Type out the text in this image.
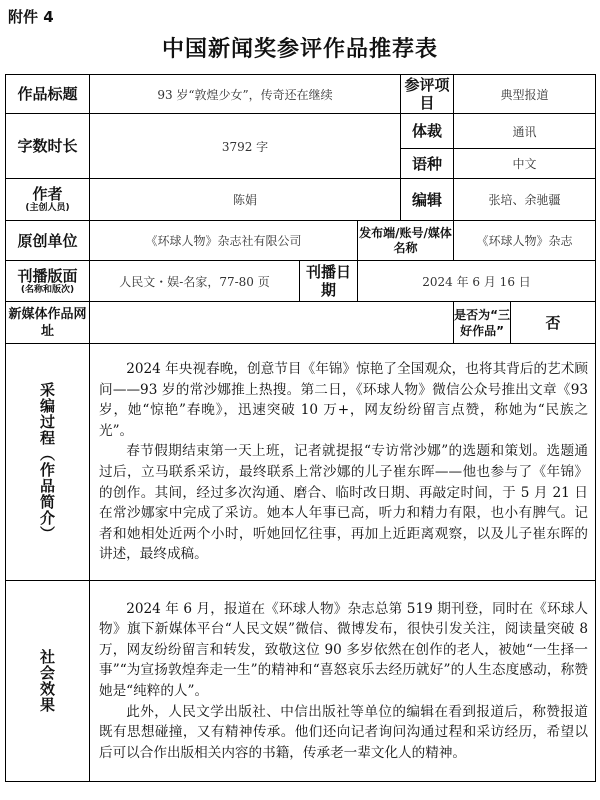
附件 4
中国新闻奖参评作品推荐表
作品标题	93 岁“敦煌少女”，传奇还在继续			参评项目	典型报道	
字数时长	3792 字			体裁	通讯	
				语种	中文	
作者
(主创人员)	陈娟			编辑	张培、余驰疆	
原创单位	《环球人物》杂志社有限公司		发布端/账号/媒体名称		《环球人物》杂志	
刊播版面
(名称和版次)	人民文・娱-名家，77-80 页	刊播日期	2024 年 6 月 16 日			
新媒体作品网址					是否为“三好作品”	否

采编过程（作品简介）	2024 年央视春晚，创意节目《年锦》惊艳了全国观众，也将其背后的艺术顾问——93 岁的常沙娜推上热搜。第二日，《环球人物》微信公众号推出文章《93 岁，她“惊艳”春晚》，迅速突破 10 万+，网友纷纷留言点赞，称她为“民族之光”。

春节假期结束第一天上班，记者就提报“专访常沙娜”的选题和策划。选题通过后，立马联系采访，最终联系上常沙娜的儿子崔东晖——他也参与了《年锦》的创作。其间，经过多次沟通、磨合、临时改日期、再敲定时间，于 5 月 21 日在常沙娜家中完成了采访。她本人年事已高，听力和精力有限，也小有脾气。记者和她相处近两个小时，听她回忆往事，再加上近距离观察，以及儿子崔东晖的讲述，最终成稿。					

社会效果	2024 年 6 月，报道在《环球人物》杂志总第 519 期刊登，同时在《环球人物》旗下新媒体平台“人民文娱”微信、微博发布，很快引发关注，阅读量突破 8 万，网友纷纷留言和转发，致敬这位 90 多岁依然在创作的老人，被她“一生择一事”“为宣扬敦煌奔走一生”的精神和“喜怒哀乐去经历就好”的人生态度感动，称赞她是“纯粹的人”。

此外，人民文学出版社、中信出版社等单位的编辑在看到报道后，称赞报道既有思想碰撞，又有精神传承。他们还向记者询问沟通过程和采访经历，希望以后可以合作出版相关内容的书籍，传承老一辈文化人的精神。					
